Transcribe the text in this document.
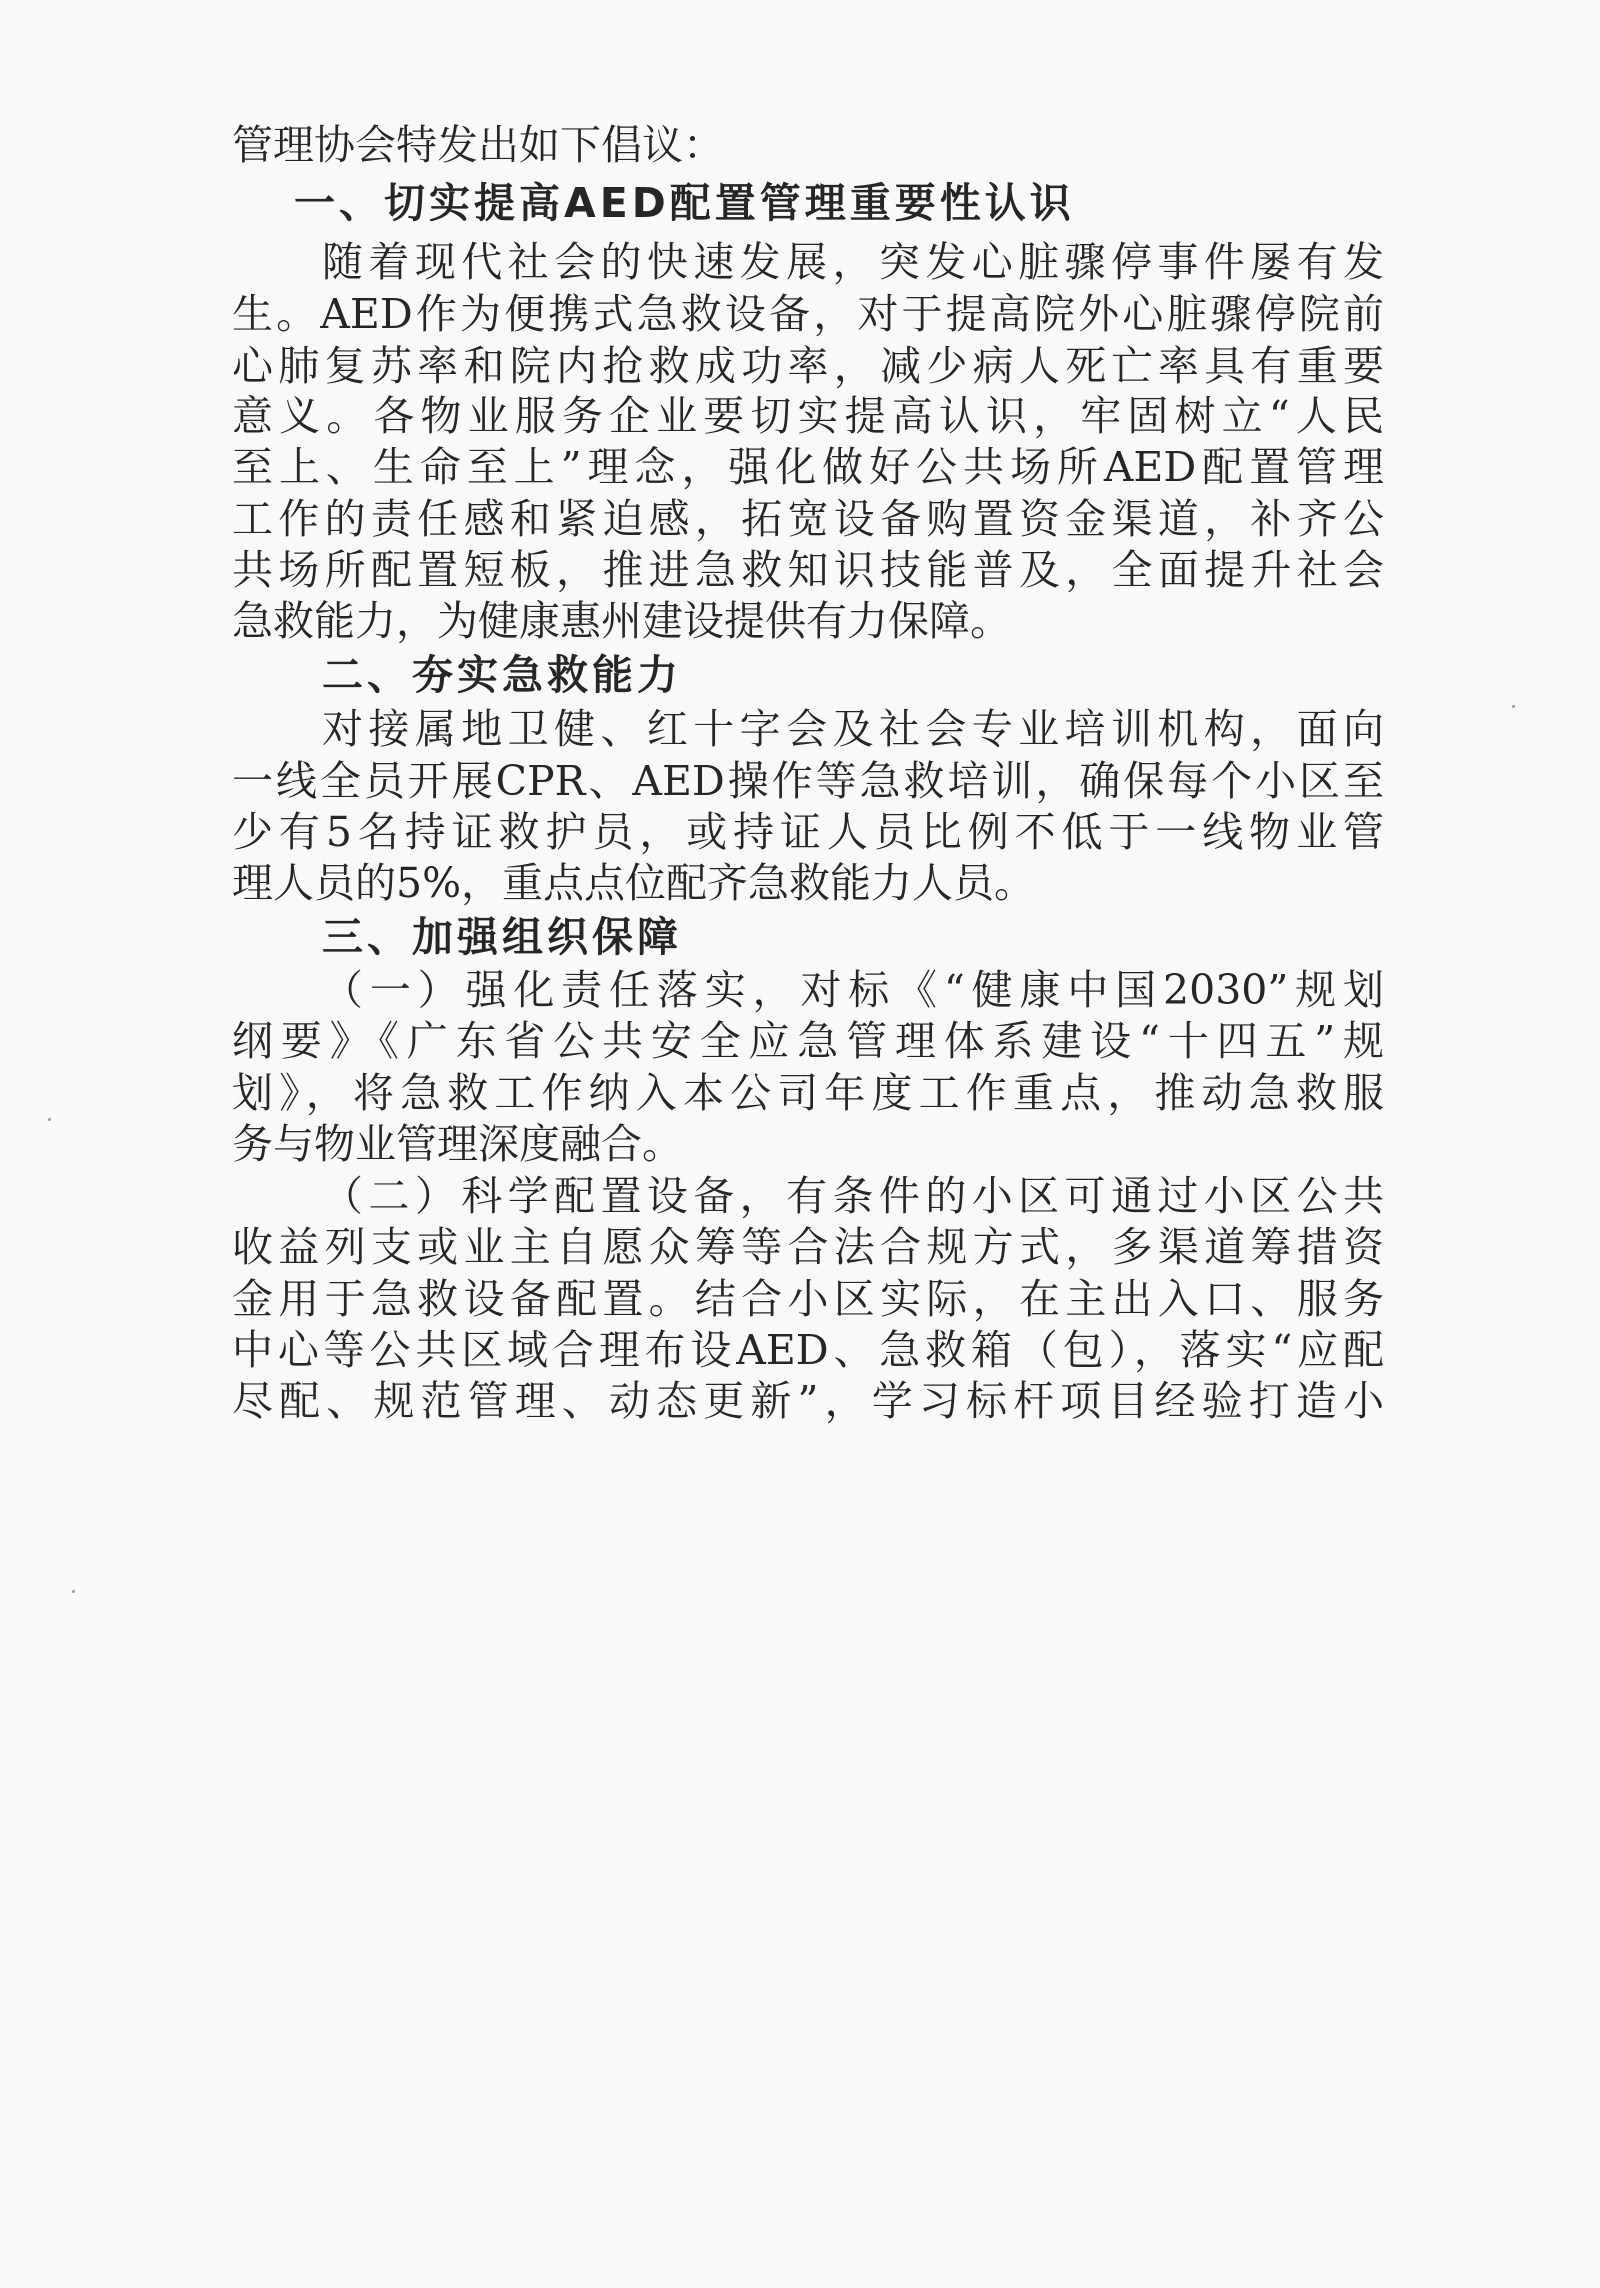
管理协会特发出如下倡议：
一、切实提高AED配置管理重要性认识
随着现代社会的快速发展，突发心脏骤停事件屡有发
生。AED作为便携式急救设备，对于提高院外心脏骤停院前
心肺复苏率和院内抢救成功率，减少病人死亡率具有重要
意义。各物业服务企业要切实提高认识，牢固树立“人民
至上、生命至上”理念，强化做好公共场所AED配置管理
工作的责任感和紧迫感，拓宽设备购置资金渠道，补齐公
共场所配置短板，推进急救知识技能普及，全面提升社会
急救能力，为健康惠州建设提供有力保障。
二、夯实急救能力
对接属地卫健、红十字会及社会专业培训机构，面向
一线全员开展CPR、AED操作等急救培训，确保每个小区至
少有5名持证救护员，或持证人员比例不低于一线物业管
理人员的5%，重点点位配齐急救能力人员。
三、加强组织保障
（一）强化责任落实，对标《“健康中国2030”规划
纲要》《广东省公共安全应急管理体系建设“十四五”规
划》，将急救工作纳入本公司年度工作重点，推动急救服
务与物业管理深度融合。
（二）科学配置设备，有条件的小区可通过小区公共
收益列支或业主自愿众筹等合法合规方式，多渠道筹措资
金用于急救设备配置。结合小区实际，在主出入口、服务
中心等公共区域合理布设AED、急救箱（包），落实“应配
尽配、规范管理、动态更新”，学习标杆项目经验打造小
